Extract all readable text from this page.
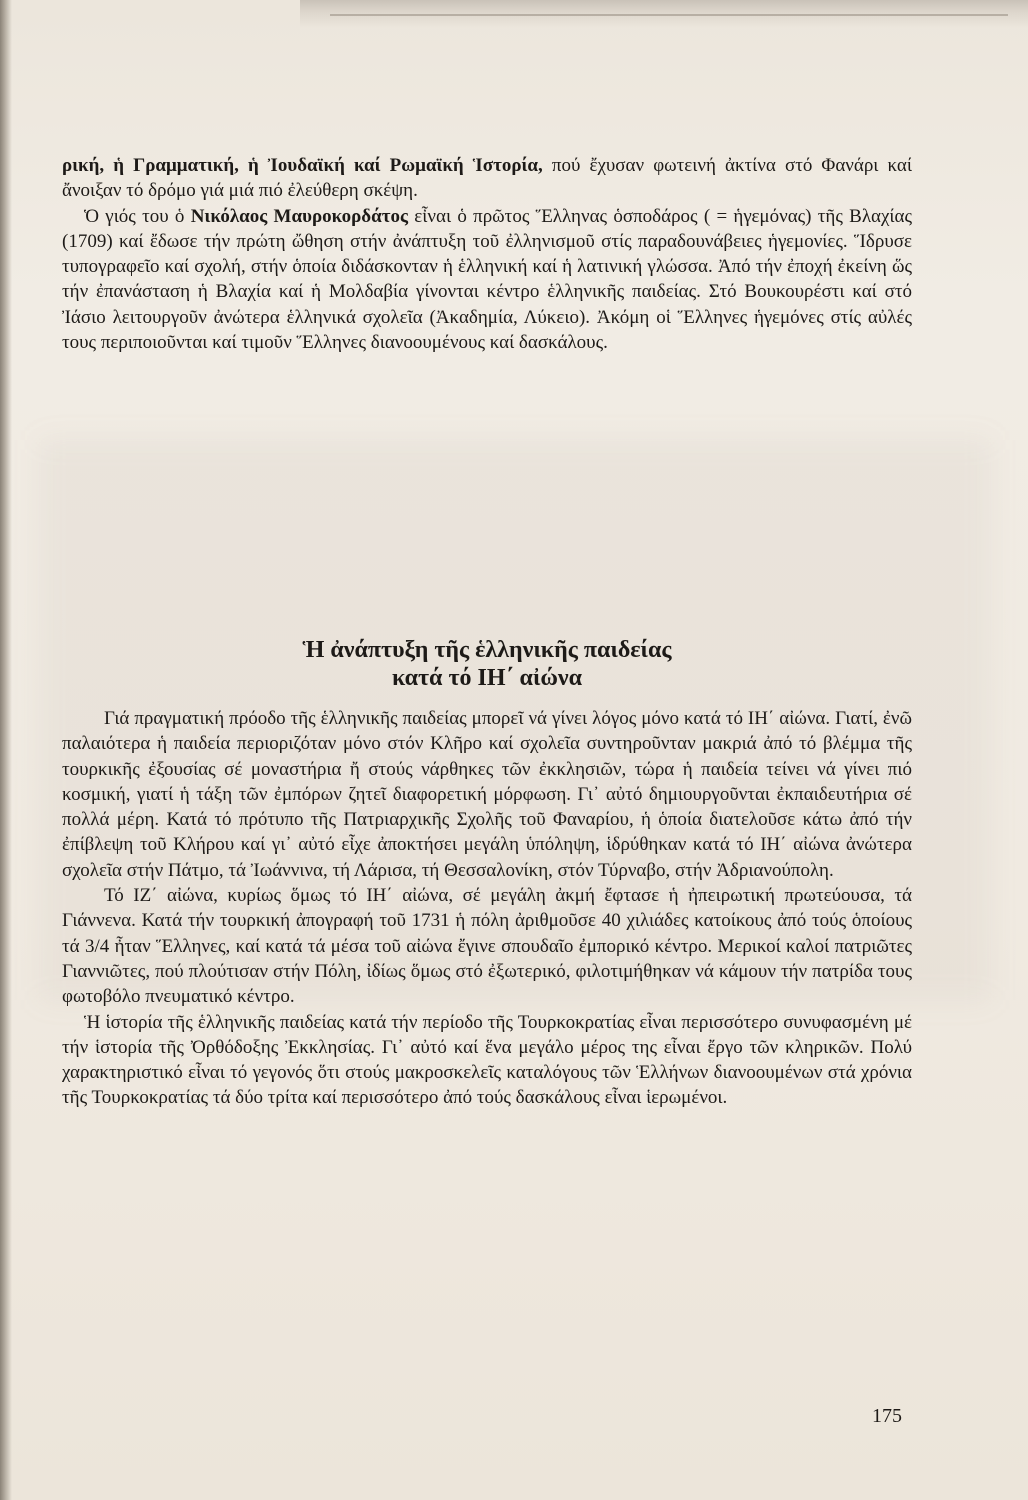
ρική, ἡ Γραμματική, ἡ Ἰουδαϊκή καί Ρωμαϊκή Ἱστορία, πού ἔχυσαν φωτεινή ἀκτίνα στό Φανάρι καί ἄνοιξαν τό δρόμο γιά μιά πιό ἐλεύθερη σκέψη.

Ὁ γιός του ὁ Νικόλαος Μαυροκορδάτος εἶναι ὁ πρῶτος Ἕλληνας ὁσποδάρος ( = ἡγεμόνας) τῆς Βλαχίας (1709) καί ἔδωσε τήν πρώτη ὤθηση στήν ἀνάπτυξη τοῦ ἐλληνισμοῦ στίς παραδουνάβειες ἡγεμονίες. Ἵδρυσε τυπογραφεῖο καί σχολή, στήν ὁποία διδάσκονταν ἡ ἑλληνική καί ἡ λατινική γλώσσα. Ἀπό τήν ἐποχή ἐκείνη ὥς τήν ἐπανάσταση ἡ Βλαχία καί ἡ Μολδαβία γίνονται κέντρο ἑλληνικῆς παιδείας. Στό Βουκουρέστι καί στό Ἰάσιο λειτουργοῦν ἀνώτερα ἑλληνικά σχολεῖα (Ἀκαδημία, Λύκειο). Ἀκόμη οἱ Ἕλληνες ἡγεμόνες στίς αὐλές τους περιποιοῦνται καί τιμοῦν Ἕλληνες διανοουμένους καί δασκάλους.

Ἡ ἀνάπτυξη τῆς ἑλληνικῆς παιδείας
κατά τό ΙΗ΄ αἰώνα

Γιά πραγματική πρόοδο τῆς ἑλληνικῆς παιδείας μπορεῖ νά γίνει λόγος μόνο κατά τό ΙΗ΄ αἰώνα. Γιατί, ἐνῶ παλαιότερα ἡ παιδεία περιοριζόταν μόνο στόν Κλῆρο καί σχολεῖα συντηροῦνταν μακριά ἀπό τό βλέμμα τῆς τουρκικῆς ἐξουσίας σέ μοναστήρια ἤ στούς νάρθηκες τῶν ἐκκλησιῶν, τώρα ἡ παιδεία τείνει νά γίνει πιό κοσμική, γιατί ἡ τάξη τῶν ἐμπόρων ζητεῖ διαφορετική μόρφωση. Γι᾽ αὐτό δημιουργοῦνται ἐκπαιδευτήρια σέ πολλά μέρη. Κατά τό πρότυπο τῆς Πατριαρχικῆς Σχολῆς τοῦ Φαναρίου, ἡ ὁποία διατελοῦσε κάτω ἀπό τήν ἐπίβλεψη τοῦ Κλήρου καί γι᾽ αὐτό εἶχε ἀποκτήσει μεγάλη ὑπόληψη, ἱδρύθηκαν κατά τό ΙΗ΄ αἰώνα ἀνώτερα σχολεῖα στήν Πάτμο, τά Ἰωάννινα, τή Λάρισα, τή Θεσσαλονίκη, στόν Τύρναβο, στήν Ἀδριανούπολη.

Τό ΙΖ΄ αἰώνα, κυρίως ὅμως τό ΙΗ΄ αἰώνα, σέ μεγάλη ἀκμή ἔφτασε ἡ ἠπειρωτική πρωτεύουσα, τά Γιάννενα. Κατά τήν τουρκική ἀπογραφή τοῦ 1731 ἡ πόλη ἀριθμοῦσε 40 χιλιάδες κατοίκους ἀπό τούς ὁποίους τά 3/4 ἦταν Ἕλληνες, καί κατά τά μέσα τοῦ αἰώνα ἔγινε σπουδαῖο ἐμπορικό κέντρο. Μερικοί καλοί πατριῶτες Γιαννιῶτες, πού πλούτισαν στήν Πόλη, ἰδίως ὅμως στό ἐξωτερικό, φιλοτιμήθηκαν νά κάμουν τήν πατρίδα τους φωτοβόλο πνευματικό κέντρο.

Ἡ ἱστορία τῆς ἑλληνικῆς παιδείας κατά τήν περίοδο τῆς Τουρκοκρατίας εἶναι περισσότερο συνυφασμένη μέ τήν ἱστορία τῆς Ὀρθόδοξης Ἐκκλησίας. Γι᾽ αὐτό καί ἕνα μεγάλο μέρος της εἶναι ἔργο τῶν κληρικῶν. Πολύ χαρακτηριστικό εἶναι τό γεγονός ὅτι στούς μακροσκελεῖς καταλόγους τῶν Ἑλλήνων διανοουμένων στά χρόνια τῆς Τουρκοκρατίας τά δύο τρίτα καί περισσότερο ἀπό τούς δασκάλους εἶναι ἱερωμένοι.

175
